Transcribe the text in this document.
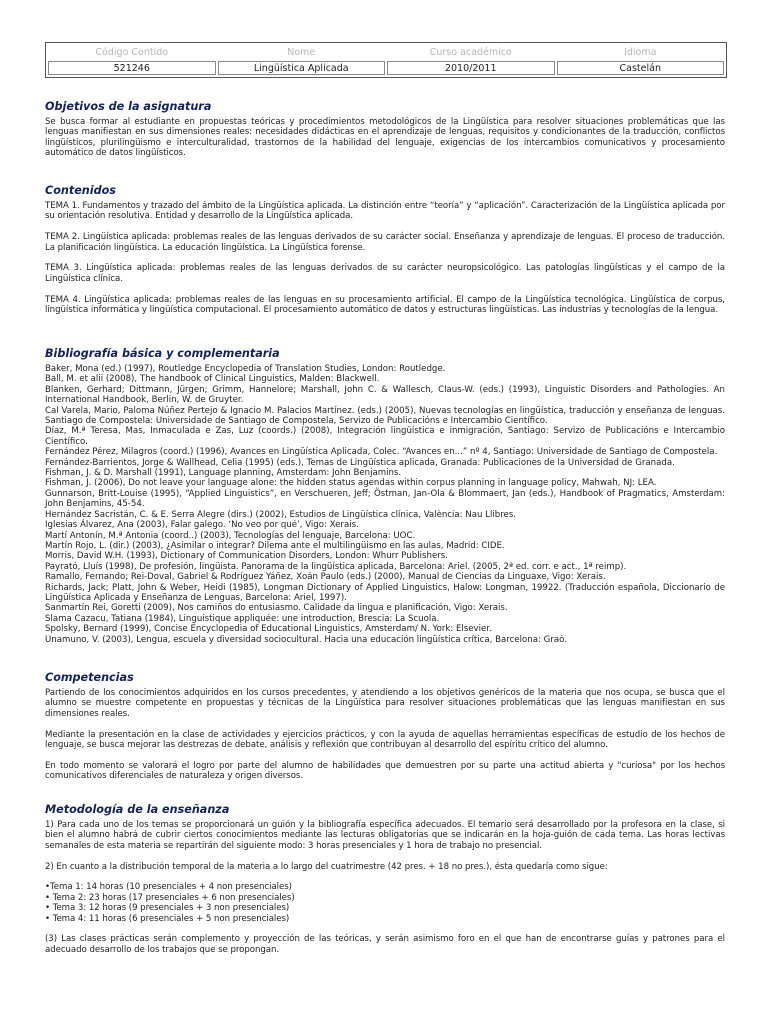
Código Contido	Nome	Curso académico	Idioma
521246	Lingüística Aplicada	2010/2011	Castelán
Objetivos de la asignatura
Se busca formar al estudiante en propuestas teóricas y procedimientos metodológicos de la Lingüística para resolver situaciones problemáticas que las lenguas manifiestan en sus dimensiones reales: necesidades didácticas en el aprendizaje de lenguas, requisitos y condicionantes de la traducción, conflictos lingüísticos, plurilingüismo e interculturalidad, trastornos de la habilidad del lenguaje, exigencias de los intercambios comunicativos y procesamiento automático de datos lingüísticos.
Contenidos

TEMA 1. Fundamentos y trazado del ámbito de la Lingüística aplicada. La distinción entre “teoría” y “aplicación”. Caracterización de la Lingüística aplicada por su orientación resolutiva. Entidad y desarrollo de la Lingüística aplicada.

TEMA 2. Lingüística aplicada: problemas reales de las lenguas derivados de su carácter social. Enseñanza y aprendizaje de lenguas. El proceso de traducción. La planificación lingüística. La educación lingüística. La Lingüística forense.

TEMA 3. Lingüística aplicada: problemas reales de las lenguas derivados de su carácter neuropsicológico. Las patologías lingüísticas y el campo de la Lingüística clínica.

TEMA 4. Lingüística aplicada: problemas reales de las lenguas en su procesamiento artificial. El campo de la Lingüística tecnológica. Lingüística de corpus, lingüística informática y lingüística computacional. El procesamiento automático de datos y estructuras lingüísticas. Las industrias y tecnologías de la lengua.

Bibliografía básica y complementaria
Baker, Mona (ed.) (1997), Routledge Encyclopedia of Translation Studies, London: Routledge.
Ball, M. et alii (2008), The handbook of Clinical Linguistics, Malden: Blackwell.
Blanken, Gerhard; Dittmann, Jürgen; Grimm, Hannelore; Marshall, John C. & Wallesch, Claus-W. (eds.) (1993), Linguistic Disorders and Pathologies. An International Handbook, Berlin, W. de Gruyter.
Cal Varela, Mario, Paloma Núñez Pertejo & Ignacio M. Palacios Martínez. (eds.) (2005), Nuevas tecnologías en lingüística, traducción y enseñanza de lenguas. Santiago de Compostela: Universidade de Santiago de Compostela, Servizo de Publicacións e Intercambio Científico.
Díaz, M.ª Teresa, Mas, Inmaculada e Zas, Luz (coords.) (2008), Integración lingüística e inmigración, Santiago: Servizo de Publicacións e Intercambio Científico.
Fernández Pérez, Milagros (coord.) (1996), Avances en Lingüística Aplicada, Colec. “Avances en...” nº 4, Santiago: Universidade de Santiago de Compostela.
Fernández-Barrientos, Jorge & Wallhead, Celia (1995) (eds.), Temas de Lingüística aplicada, Granada: Publicaciones de la Universidad de Granada.
Fishman, J. & D. Marshall (1991), Language planning, Amsterdam: John Benjamins.
Fishman, J. (2006), Do not leave your language alone: the hidden status agendas within corpus planning in language policy, Mahwah, NJ: LEA.
Gunnarson, Britt-Louise (1995), “Applied Linguistics”, en Verschueren, Jeff; Östman, Jan-Ola & Blommaert, Jan (eds.), Handbook of Pragmatics, Amsterdam: John Benjamins, 45-54.
Hernández Sacristán, C. & E. Serra Alegre (dirs.) (2002), Estudios de Lingüística clínica, València: Nau Llibres.
Iglesias Álvarez, Ana (2003), Falar galego. ‘No veo por qué’, Vigo: Xerais.
Martí Antonín, M.ª Antonia (coord..) (2003), Tecnologías del lenguaje, Barcelona: UOC.
Martín Rojo, L. (dir.) (2003), ¿Asimilar o integrar? Dilema ante el multilingüismo en las aulas, Madrid: CIDE.
Morris, David W.H. (1993), Dictionary of Communication Disorders, London: Whurr Publishers.
Payrató, Lluís (1998), De profesión, lingüista. Panorama de la lingüística aplicada, Barcelona: Ariel. (2005, 2ª ed. corr. e act., 1ª reimp).
Ramallo, Fernando; Rei-Doval, Gabriel & Rodríguez Yáñez, Xoán Paulo (eds.) (2000), Manual de Ciencias da Linguaxe, Vigo: Xerais.
Richards, Jack; Platt, John & Weber, Heidi (1985), Longman Dictionary of Applied Linguistics, Halow: Longman, 19922. (Traducción española, Diccionario de Lingüística Aplicada y Enseñanza de Lenguas, Barcelona: Ariel, 1997).
Sanmartín Rei, Goretti (2009), Nos camiños do entusiasmo. Calidade da lingua e planificación, Vigo: Xerais.
Slama Cazacu, Tatiana (1984), Linguistique appliquée: une introduction, Brescia: La Scuola.
Spolsky, Bernard (1999), Concise Encyclopedia of Educational Linguistics, Amsterdam/ N. York: Elsevier.
Unamuno, V. (2003), Lengua, escuela y diversidad sociocultural. Hacia una educación lingüística crítica, Barcelona: Graò.
Competencias

Partiendo de los conocimientos adquiridos en los cursos precedentes, y atendiendo a los objetivos genéricos de la materia que nos ocupa, se busca que el alumno se muestre competente en propuestas y técnicas de la Lingüística para resolver situaciones problemáticas que las lenguas manifiestan en sus dimensiones reales.

Mediante la presentación en la clase de actividades y ejercicios prácticos, y con la ayuda de aquellas herramientas específicas de estudio de los hechos de lenguaje, se busca mejorar las destrezas de debate, análisis y reflexión que contribuyan al desarrollo del espíritu crítico del alumno.

En todo momento se valorará el logro por parte del alumno de habilidades que demuestren por su parte una actitud abierta y "curiosa" por los hechos comunicativos diferenciales de naturaleza y origen diversos.

Metodología de la enseñanza

1) Para cada uno de los temas se proporcionará un guión y la bibliografía específica adecuados. El temario será desarrollado por la profesora en la clase, si bien el alumno habrá de cubrir ciertos conocimientos mediante las lecturas obligatorias que se indicarán en la hoja-guión de cada tema. Las horas lectivas semanales de esta materia se repartirán del siguiente modo: 3 horas presenciales y 1 hora de trabajo no presencial.

2) En cuanto a la distribución temporal de la materia a lo largo del cuatrimestre (42 pres. + 18 no pres.), ésta quedaría como sigue:

•Tema 1: 14 horas (10 presenciales + 4 non presenciales)
• Tema 2: 23 horas (17 presenciales + 6 non presenciales)
• Tema 3: 12 horas (9 presenciales + 3 non presenciales)
• Tema 4: 11 horas (6 presenciales + 5 non presenciales)

(3) Las clases prácticas serán complemento y proyección de las teóricas, y serán asimismo foro en el que han de encontrarse guías y patrones para el adecuado desarrollo de los trabajos que se propongan.
